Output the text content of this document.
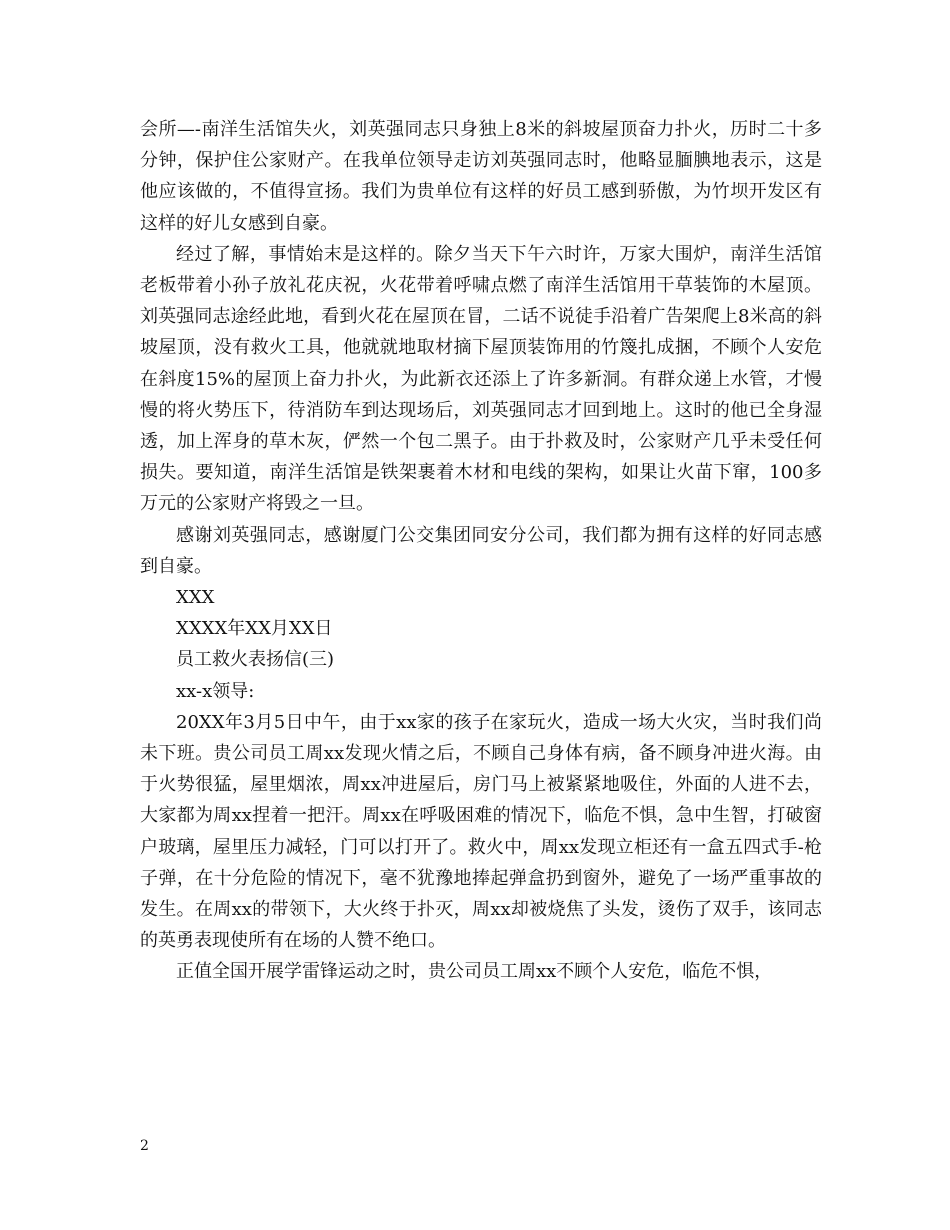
会所—-南洋生活馆失火，刘英强同志只身独上8米的斜坡屋顶奋力扑火，历时二十多分钟，保护住公家财产。在我单位领导走访刘英强同志时，他略显腼腆地表示，这是他应该做的，不值得宣扬。我们为贵单位有这样的好员工感到骄傲，为竹坝开发区有这样的好儿女感到自豪。

经过了解，事情始末是这样的。除夕当天下午六时许，万家大围炉，南洋生活馆老板带着小孙子放礼花庆祝，火花带着呼啸点燃了南洋生活馆用干草装饰的木屋顶。刘英强同志途经此地，看到火花在屋顶在冒，二话不说徒手沿着广告架爬上8米高的斜坡屋顶，没有救火工具，他就就地取材摘下屋顶装饰用的竹篾扎成捆，不顾个人安危在斜度15%的屋顶上奋力扑火，为此新衣还添上了许多新洞。有群众递上水管，才慢慢的将火势压下，待消防车到达现场后，刘英强同志才回到地上。这时的他已全身湿透，加上浑身的草木灰，俨然一个包二黑子。由于扑救及时，公家财产几乎未受任何损失。要知道，南洋生活馆是铁架裹着木材和电线的架构，如果让火苗下窜，100多万元的公家财产将毁之一旦。

感谢刘英强同志，感谢厦门公交集团同安分公司，我们都为拥有这样的好同志感到自豪。

XXX

XXXX年XX月XX日

员工救火表扬信(三)

xx-x领导:

20XX年3月5日中午，由于xx家的孩子在家玩火，造成一场大火灾，当时我们尚未下班。贵公司员工周xx发现火情之后，不顾自己身体有病，备不顾身冲进火海。由于火势很猛，屋里烟浓，周xx冲进屋后，房门马上被紧紧地吸住，外面的人进不去，大家都为周xx捏着一把汗。周xx在呼吸困难的情况下，临危不惧，急中生智，打破窗户玻璃，屋里压力减轻，门可以打开了。救火中，周xx发现立柜还有一盒五四式手-枪子弹，在十分危险的情况下，毫不犹豫地捧起弹盒扔到窗外，避免了一场严重事故的发生。在周xx的带领下，大火终于扑灭，周xx却被烧焦了头发，烫伤了双手，该同志的英勇表现使所有在场的人赞不绝口。

正值全国开展学雷锋运动之时，贵公司员工周xx不顾个人安危，临危不惧，

2
